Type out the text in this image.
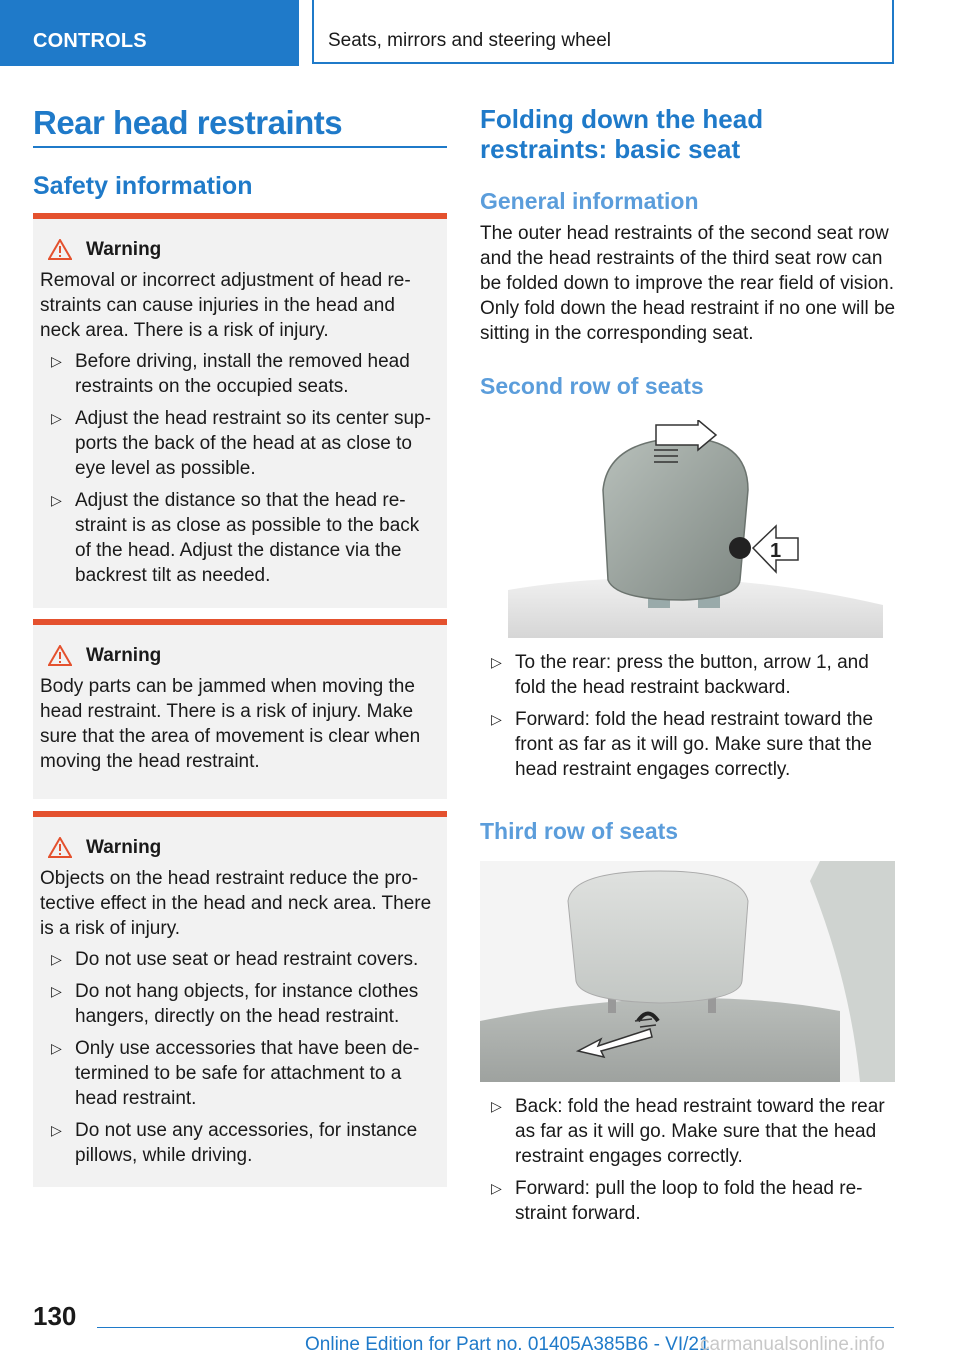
CONTROLS	Seats, mirrors and steering wheel
Rear head restraints
Safety information
Warning

Removal or incorrect adjustment of head re‐straints can cause injuries in the head and neck area. There is a risk of injury.

▷ Before driving, install the removed head restraints on the occupied seats.
▷ Adjust the head restraint so its center sup‐ports the back of the head at as close to eye level as possible.
▷ Adjust the distance so that the head re‐straint is as close as possible to the back of the head. Adjust the distance via the backrest tilt as needed.
Warning

Body parts can be jammed when moving the head restraint. There is a risk of injury. Make sure that the area of movement is clear when moving the head restraint.

Warning

Objects on the head restraint reduce the pro‐tective effect in the head and neck area. There is a risk of injury.

▷ Do not use seat or head restraint covers.
▷ Do not hang objects, for instance clothes hangers, directly on the head restraint.
▷ Only use accessories that have been de‐termined to be safe for attachment to a head restraint.
▷ Do not use any accessories, for instance pillows, while driving.
Folding down the head restraints: basic seat
General information
The outer head restraints of the second seat row and the head restraints of the third seat row can be folded down to improve the rear field of vision. Only fold down the head restraint if no one will be sitting in the corresponding seat.
Second row of seats
1
▷ To the rear: press the button, arrow 1, and fold the head restraint backward.
▷ Forward: fold the head restraint toward the front as far as it will go. Make sure that the head restraint engages correctly.
Third row of seats
▷ Back: fold the head restraint toward the rear as far as it will go. Make sure that the head restraint engages correctly.
▷ Forward: pull the loop to fold the head re‐straint forward.
130
Online Edition for Part no. 01405A385B6 - VI/21
carmanualsonline.info
